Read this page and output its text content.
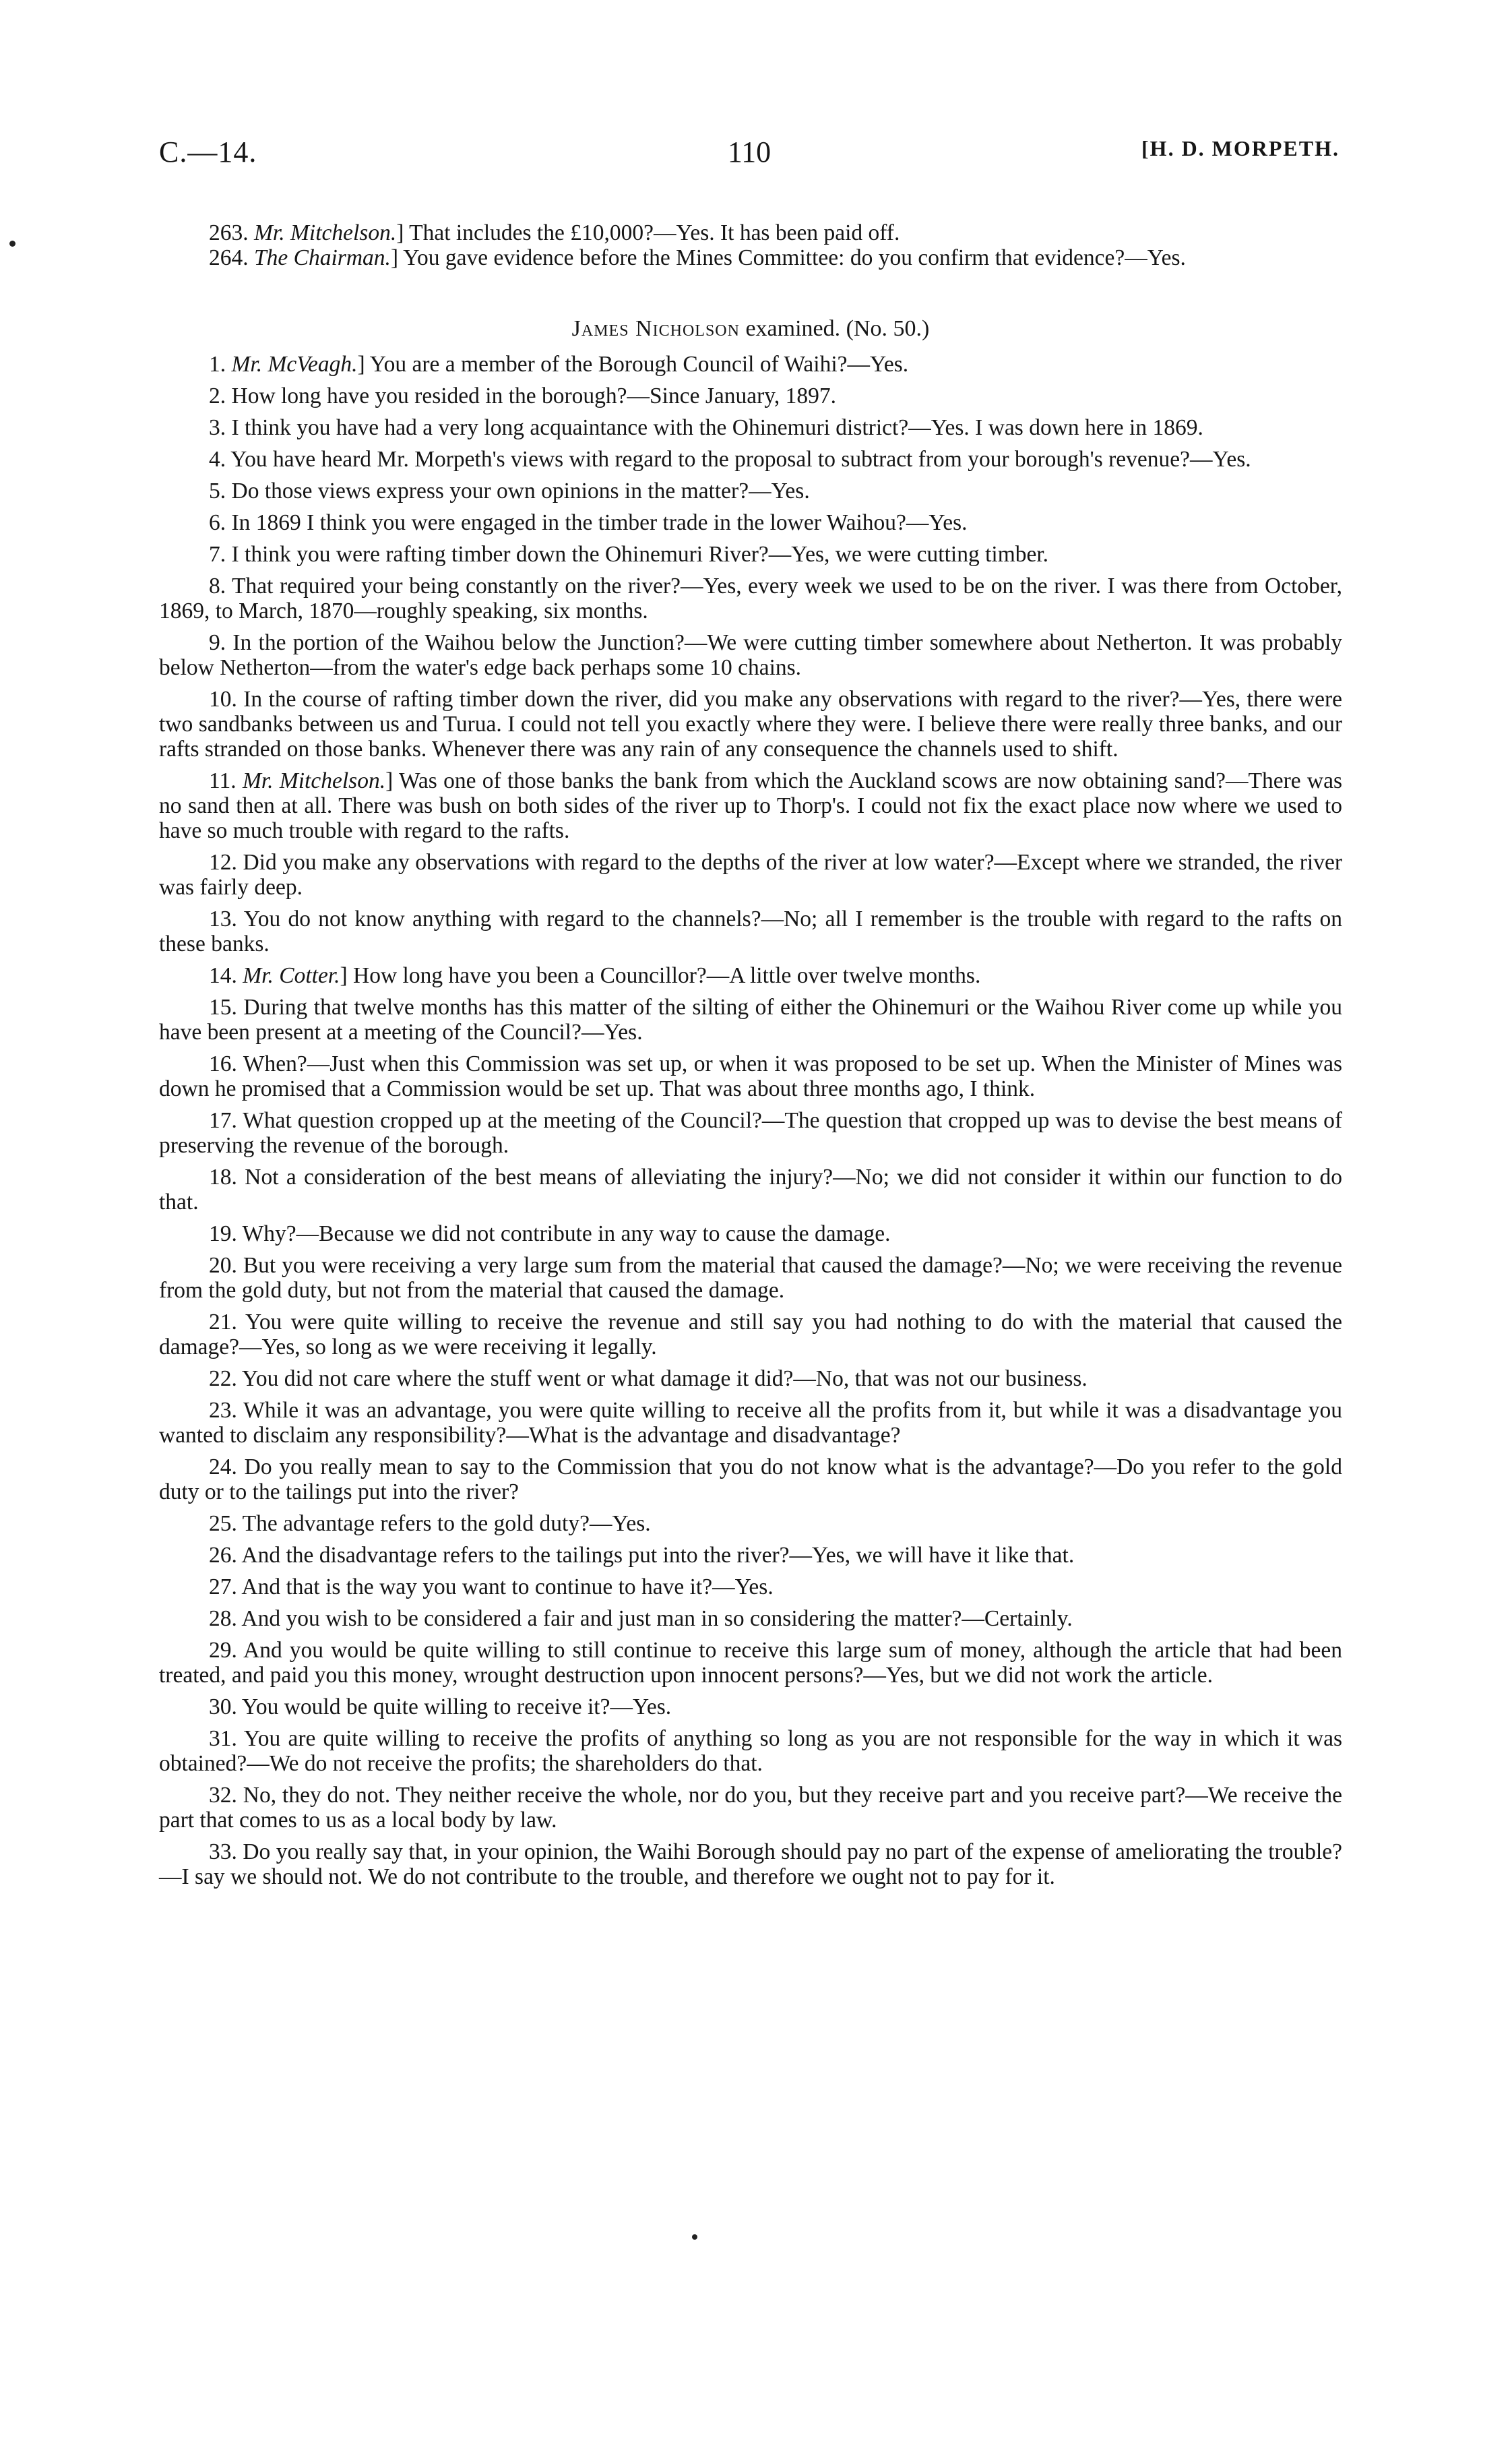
C.—14.	110	[H. D. MORPETH.

263. Mr. Mitchelson.] That includes the £10,000?—Yes. It has been paid off.

264. The Chairman.] You gave evidence before the Mines Committee: do you confirm that evidence?—Yes.

James Nicholson examined. (No. 50.)

1. Mr. McVeagh.] You are a member of the Borough Council of Waihi?—Yes.

2. How long have you resided in the borough?—Since January, 1897.

3. I think you have had a very long acquaintance with the Ohinemuri district?—Yes. I was down here in 1869.

4. You have heard Mr. Morpeth's views with regard to the proposal to subtract from your borough's revenue?—Yes.

5. Do those views express your own opinions in the matter?—Yes.

6. In 1869 I think you were engaged in the timber trade in the lower Waihou?—Yes.

7. I think you were rafting timber down the Ohinemuri River?—Yes, we were cutting timber.

8. That required your being constantly on the river?—Yes, every week we used to be on the river. I was there from October, 1869, to March, 1870—roughly speaking, six months.

9. In the portion of the Waihou below the Junction?—We were cutting timber somewhere about Netherton. It was probably below Netherton—from the water's edge back perhaps some 10 chains.

10. In the course of rafting timber down the river, did you make any observations with regard to the river?—Yes, there were two sandbanks between us and Turua. I could not tell you exactly where they were. I believe there were really three banks, and our rafts stranded on those banks. Whenever there was any rain of any consequence the channels used to shift.

11. Mr. Mitchelson.] Was one of those banks the bank from which the Auckland scows are now obtaining sand?—There was no sand then at all. There was bush on both sides of the river up to Thorp's. I could not fix the exact place now where we used to have so much trouble with regard to the rafts.

12. Did you make any observations with regard to the depths of the river at low water?—Except where we stranded, the river was fairly deep.

13. You do not know anything with regard to the channels?—No; all I remember is the trouble with regard to the rafts on these banks.

14. Mr. Cotter.] How long have you been a Councillor?—A little over twelve months.

15. During that twelve months has this matter of the silting of either the Ohinemuri or the Waihou River come up while you have been present at a meeting of the Council?—Yes.

16. When?—Just when this Commission was set up, or when it was proposed to be set up. When the Minister of Mines was down he promised that a Commission would be set up. That was about three months ago, I think.

17. What question cropped up at the meeting of the Council?—The question that cropped up was to devise the best means of preserving the revenue of the borough.

18. Not a consideration of the best means of alleviating the injury?—No; we did not consider it within our function to do that.

19. Why?—Because we did not contribute in any way to cause the damage.

20. But you were receiving a very large sum from the material that caused the damage?—No; we were receiving the revenue from the gold duty, but not from the material that caused the damage.

21. You were quite willing to receive the revenue and still say you had nothing to do with the material that caused the damage?—Yes, so long as we were receiving it legally.

22. You did not care where the stuff went or what damage it did?—No, that was not our business.

23. While it was an advantage, you were quite willing to receive all the profits from it, but while it was a disadvantage you wanted to disclaim any responsibility?—What is the advantage and disadvantage?

24. Do you really mean to say to the Commission that you do not know what is the advantage?—Do you refer to the gold duty or to the tailings put into the river?

25. The advantage refers to the gold duty?—Yes.

26. And the disadvantage refers to the tailings put into the river?—Yes, we will have it like that.

27. And that is the way you want to continue to have it?—Yes.

28. And you wish to be considered a fair and just man in so considering the matter?—Certainly.

29. And you would be quite willing to still continue to receive this large sum of money, although the article that had been treated, and paid you this money, wrought destruction upon innocent persons?—Yes, but we did not work the article.

30. You would be quite willing to receive it?—Yes.

31. You are quite willing to receive the profits of anything so long as you are not responsible for the way in which it was obtained?—We do not receive the profits; the shareholders do that.

32. No, they do not. They neither receive the whole, nor do you, but they receive part and you receive part?—We receive the part that comes to us as a local body by law.

33. Do you really say that, in your opinion, the Waihi Borough should pay no part of the expense of ameliorating the trouble?—I say we should not. We do not contribute to the trouble, and therefore we ought not to pay for it.
